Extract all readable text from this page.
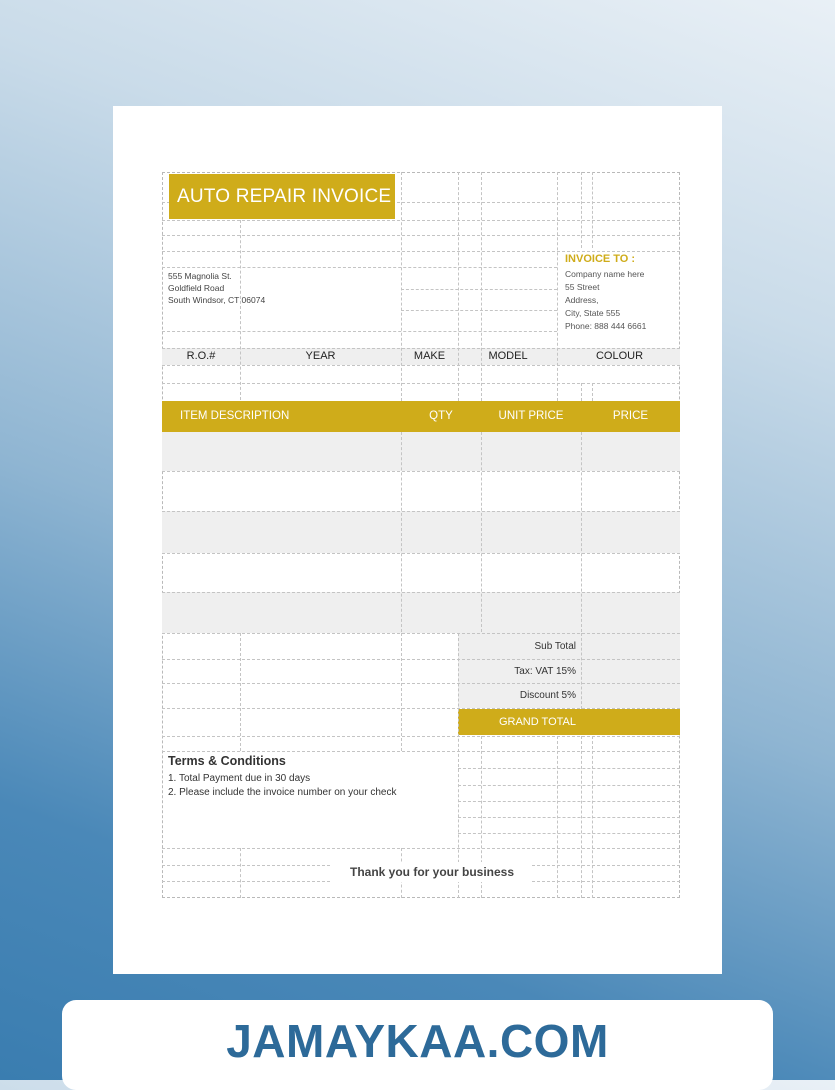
AUTO REPAIR INVOICE
555 Magnolia St.
Goldfield Road
South Windsor, CT 06074
INVOICE TO :
Company name here
55 Street
Address,
City, State 555
Phone: 888 444 6661
R.O.#	YEAR	MAKE	MODEL	COLOUR
ITEM DESCRIPTION	QTY	UNIT PRICE	PRICE
Sub Total
Tax: VAT 15%
Discount 5%
GRAND TOTAL
Terms & Conditions
1. Total Payment due in 30 days
2. Please include the invoice number on your check
Thank you for your business
JAMAYKAA.COM
